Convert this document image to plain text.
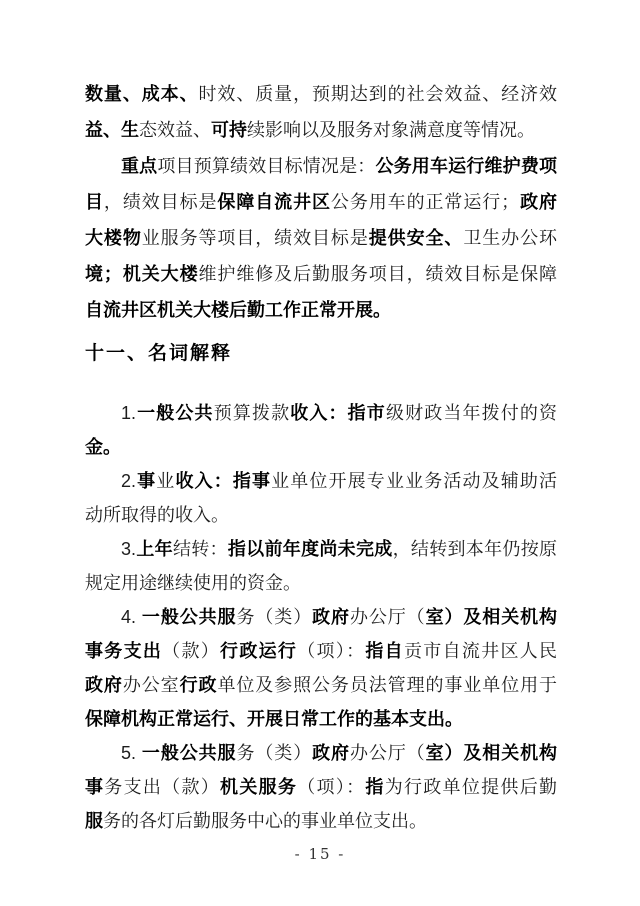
数量、成本、时效、质量，预期达到的社会效益、经济效
益、生态效益、可持续影响以及服务对象满意度等情况。
重点项目预算绩效目标情况是：公务用车运行维护费项
目，绩效目标是保障自流井区公务用车的正常运行；政府
大楼物业服务等项目，绩效目标是提供安全、卫生办公环
境；机关大楼维护维修及后勤服务项目，绩效目标是保障
自流井区机关大楼后勤工作正常开展。
十一、名词解释
1.一般公共预算拨款收入：指市级财政当年拨付的资
金。
2.事业收入：指事业单位开展专业业务活动及辅助活
动所取得的收入。
3.上年结转：指以前年度尚未完成，结转到本年仍按原
规定用途继续使用的资金。
4. 一般公共服务（类）政府办公厅（室）及相关机构
事务支出（款）行政运行（项）：指自贡市自流井区人民
政府办公室行政单位及参照公务员法管理的事业单位用于
保障机构正常运行、开展日常工作的基本支出。
5. 一般公共服务（类）政府办公厅（室）及相关机构
事务支出（款）机关服务（项）：指为行政单位提供后勤
服务的各灯后勤服务中心的事业单位支出。
- 15 -
